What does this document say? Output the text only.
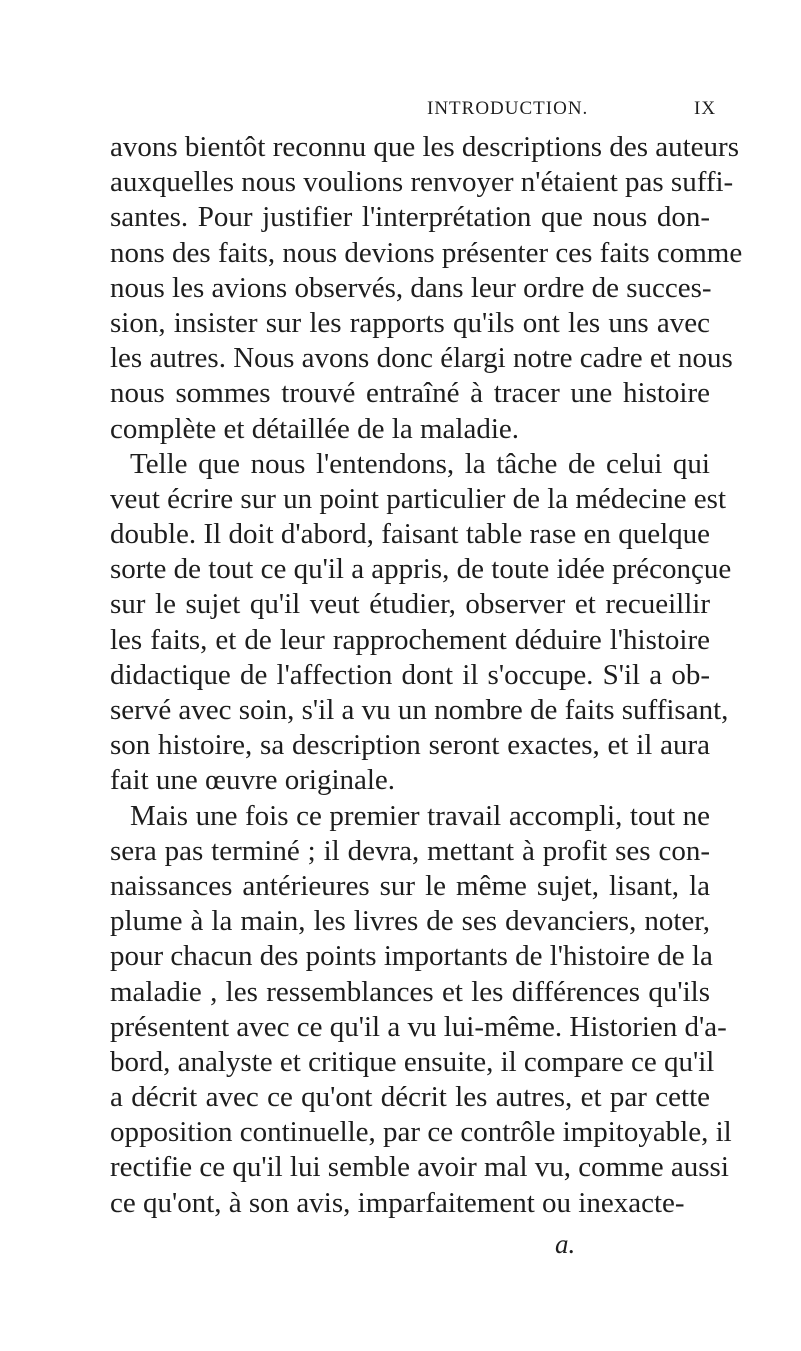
INTRODUCTION.	IX
avons bientôt reconnu que les descriptions des auteurs
auxquelles nous voulions renvoyer n'étaient pas suffi-
santes. Pour justifier l'interprétation que nous don-
nons des faits, nous devions présenter ces faits comme
nous les avions observés, dans leur ordre de succes-
sion, insister sur les rapports qu'ils ont les uns avec
les autres. Nous avons donc élargi notre cadre et nous
nous sommes trouvé entraîné à tracer une histoire
complète et détaillée de la maladie.
Telle que nous l'entendons, la tâche de celui qui
veut écrire sur un point particulier de la médecine est
double. Il doit d'abord, faisant table rase en quelque
sorte de tout ce qu'il a appris, de toute idée préconçue
sur le sujet qu'il veut étudier, observer et recueillir
les faits, et de leur rapprochement déduire l'histoire
didactique de l'affection dont il s'occupe. S'il a ob-
servé avec soin, s'il a vu un nombre de faits suffisant,
son histoire, sa description seront exactes, et il aura
fait une œuvre originale.
Mais une fois ce premier travail accompli, tout ne
sera pas terminé ; il devra, mettant à profit ses con-
naissances antérieures sur le même sujet, lisant, la
plume à la main, les livres de ses devanciers, noter,
pour chacun des points importants de l'histoire de la
maladie , les ressemblances et les différences qu'ils
présentent avec ce qu'il a vu lui-même. Historien d'a-
bord, analyste et critique ensuite, il compare ce qu'il
a décrit avec ce qu'ont décrit les autres, et par cette
opposition continuelle, par ce contrôle impitoyable, il
rectifie ce qu'il lui semble avoir mal vu, comme aussi
ce qu'ont, à son avis, imparfaitement ou inexacte-
a.
